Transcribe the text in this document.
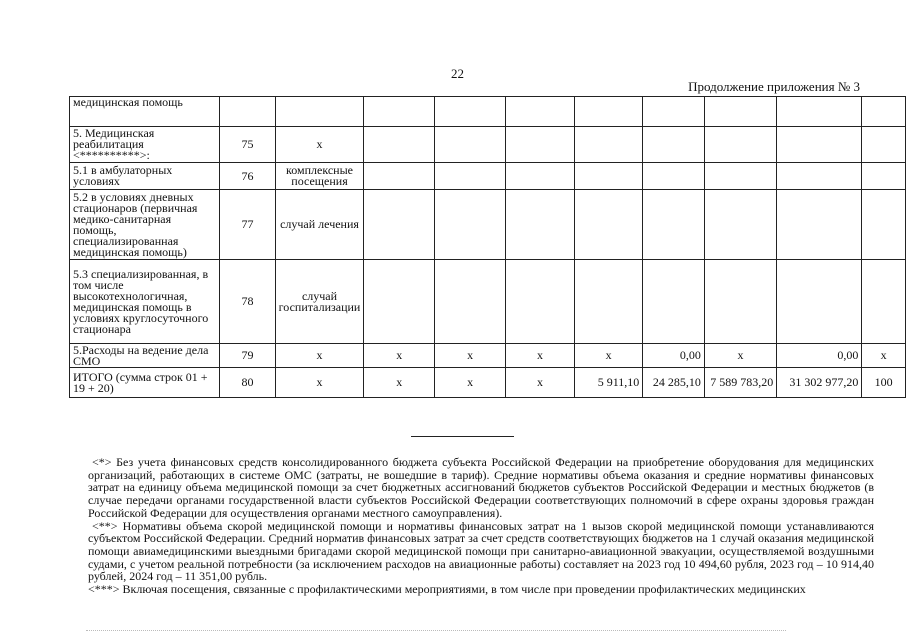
22
Продолжение приложения № 3
медицинская помощь										
5. Медицинская реабилитация <**********>:	75	х								
5.1 в амбулаторных условиях	76	комплексные посещения								
5.2 в условиях дневных стационаров (первичная медико-санитарная помощь, специализированная медицинская помощь)	77	случай лечения								
5.3 специализированная, в том числе высокотехнологичная, медицинская помощь в условиях круглосуточного стационара	78	случай госпитализации								
5.Расходы на ведение дела СМО	79	х	х	х	х	х	0,00	х	0,00	х
ИТОГО (сумма строк 01 + 19 + 20)	80	х	х	х	х	5 911,10	24 285,10	7 589 783,20	31 302 977,20	100

<*> Без учета финансовых средств консолидированного бюджета субъекта Российской Федерации на приобретение оборудования для медицинских организаций, работающих в системе ОМС (затраты, не вошедшие в тариф). Средние нормативы объема оказания и средние нормативы финансовых затрат на единицу объема медицинской помощи за счет бюджетных ассигнований бюджетов субъектов Российской Федерации и местных бюджетов (в случае передачи органами государственной власти субъектов Российской Федерации соответствующих полномочий в сфере охраны здоровья граждан Российской Федерации для осуществления органами местного самоуправления).

<**> Нормативы объема скорой медицинской помощи и нормативы финансовых затрат на 1 вызов скорой медицинской помощи устанавливаются субъектом Российской Федерации. Средний норматив финансовых затрат за счет средств соответствующих бюджетов на 1 случай оказания медицинской помощи авиамедицинскими выездными бригадами скорой медицинской помощи при санитарно-авиационной эвакуации, осуществляемой воздушными судами, с учетом реальной потребности (за исключением расходов на авиационные работы) составляет на 2023 год 10 494,60 рубля, 2023 год – 10 914,40 рублей, 2024 год – 11 351,00 рубль.

<***> Включая посещения, связанные с профилактическими мероприятиями, в том числе при проведении профилактических медицинских
